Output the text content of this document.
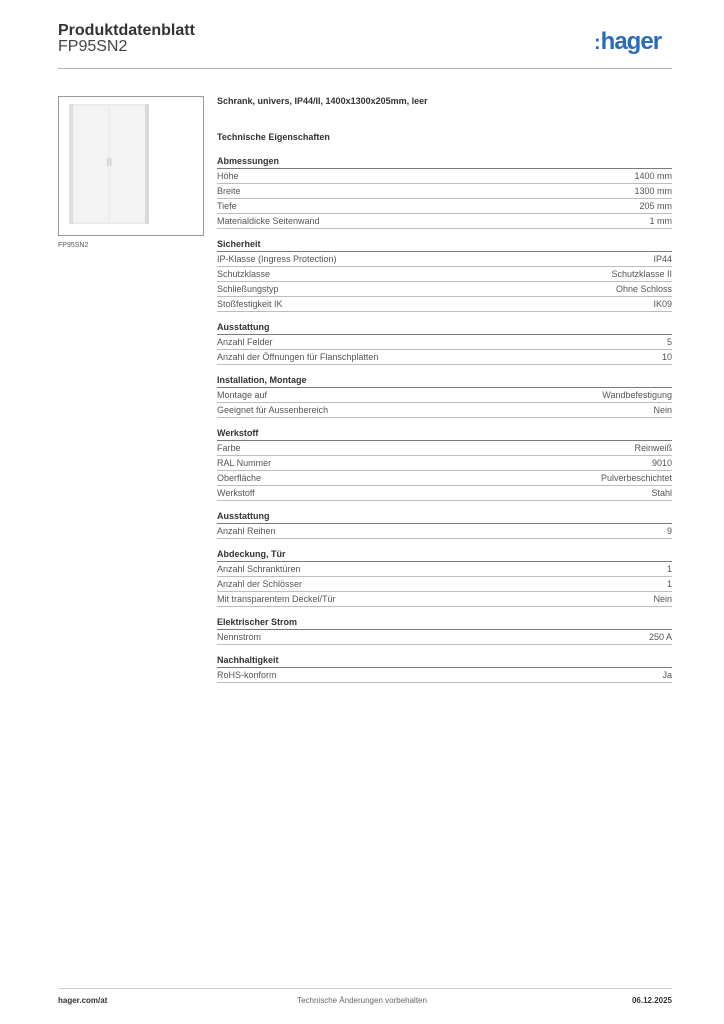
Produktdatenblatt
FP95SN2	:hager
FP95SN2
Schrank, univers, IP44/II, 1400x1300x205mm, leer
Technische Eigenschaften
Abmessungen
Höhe	1400 mm
Breite	1300 mm
Tiefe	205 mm
Materialdicke Seitenwand	1 mm
Sicherheit
IP-Klasse (Ingress Protection)	IP44
Schutzklasse	Schutzklasse II
Schließungstyp	Ohne Schloss
Stoßfestigkeit IK	IK09
Ausstattung
Anzahl Felder	5
Anzahl der Öffnungen für Flanschplatten	10
Installation, Montage
Montage auf	Wandbefestigung
Geeignet für Aussenbereich	Nein
Werkstoff
Farbe	Reinweiß
RAL Nummer	9010
Oberfläche	Pulverbeschichtet
Werkstoff	Stahl
Ausstattung
Anzahl Reihen	9
Abdeckung, Tür
Anzahl Schranktüren	1
Anzahl der Schlösser	1
Mit transparentem Deckel/Tür	Nein
Elektrischer Strom
Nennstrom	250 A
Nachhaltigkeit
RoHS-konform	Ja
hager.com/at	Technische Änderungen vorbehalten	06.12.2025
